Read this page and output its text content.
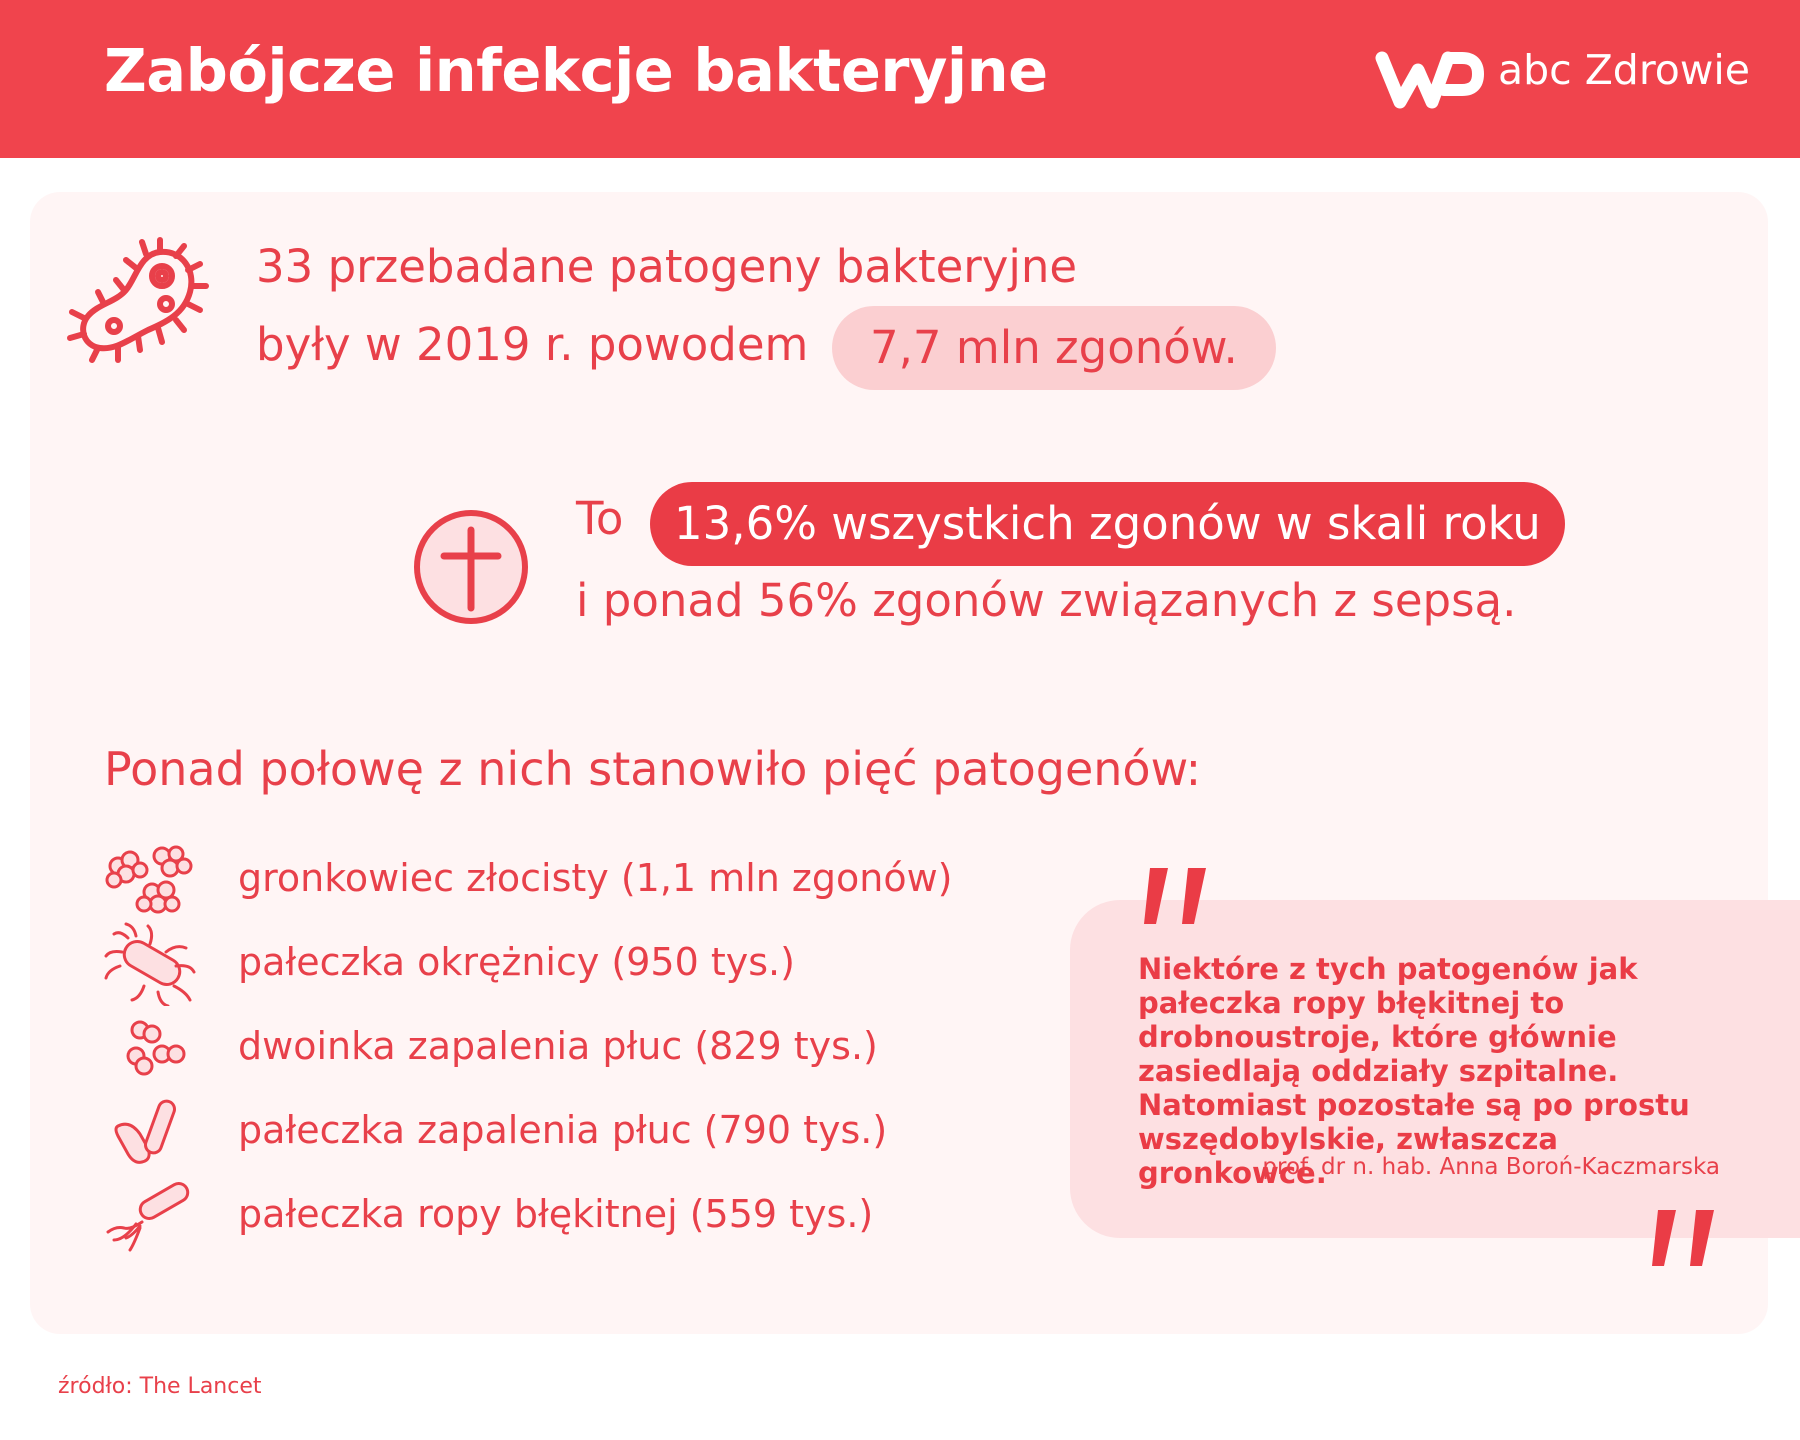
Zabójcze infekcje bakteryjne	abc Zdrowie
33 przebadane patogeny bakteryjne
były w 2019 r. powodem	7,7 mln zgonów.
To	13,6% wszystkich zgonów w skali roku
i ponad 56% zgonów związanych z sepsą.
Ponad połowę z nich stanowiło pięć patogenów:
gronkowiec złocisty (1,1 mln zgonów)
pałeczka okrężnicy (950 tys.)
dwoinka zapalenia płuc (829 tys.)
pałeczka zapalenia płuc (790 tys.)
pałeczka ropy błękitnej (559 tys.)
Niektóre z tych patogenów jak pałeczka ropy błękitnej to drobnoustroje, które głównie zasiedlają oddziały szpitalne. Natomiast pozostałe są po prostu wszędobylskie, zwłaszcza gronkowce.
prof. dr n. hab. Anna Boroń-Kaczmarska
źródło: The Lancet
